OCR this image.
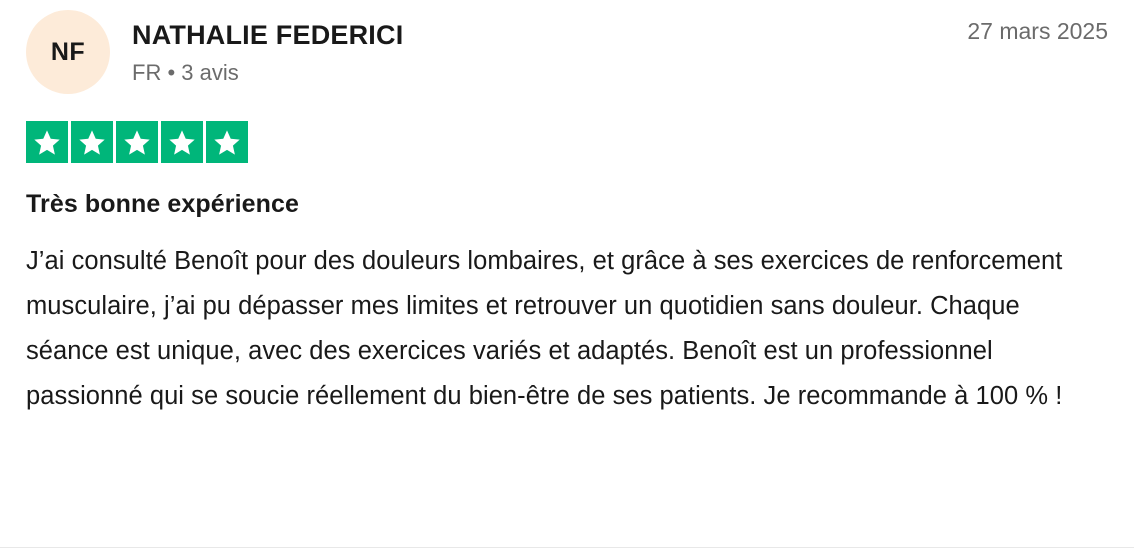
NF
NATHALIE FEDERICI
FR • 3 avis
27 mars 2025
Très bonne expérience
J’ai consulté Benoît pour des douleurs lombaires, et grâce à ses exercices de renforcement musculaire, j’ai pu dépasser mes limites et retrouver un quotidien sans douleur. Chaque séance est unique, avec des exercices variés et adaptés. Benoît est un professionnel passionné qui se soucie réellement du bien-être de ses patients. Je recommande à 100 % !
